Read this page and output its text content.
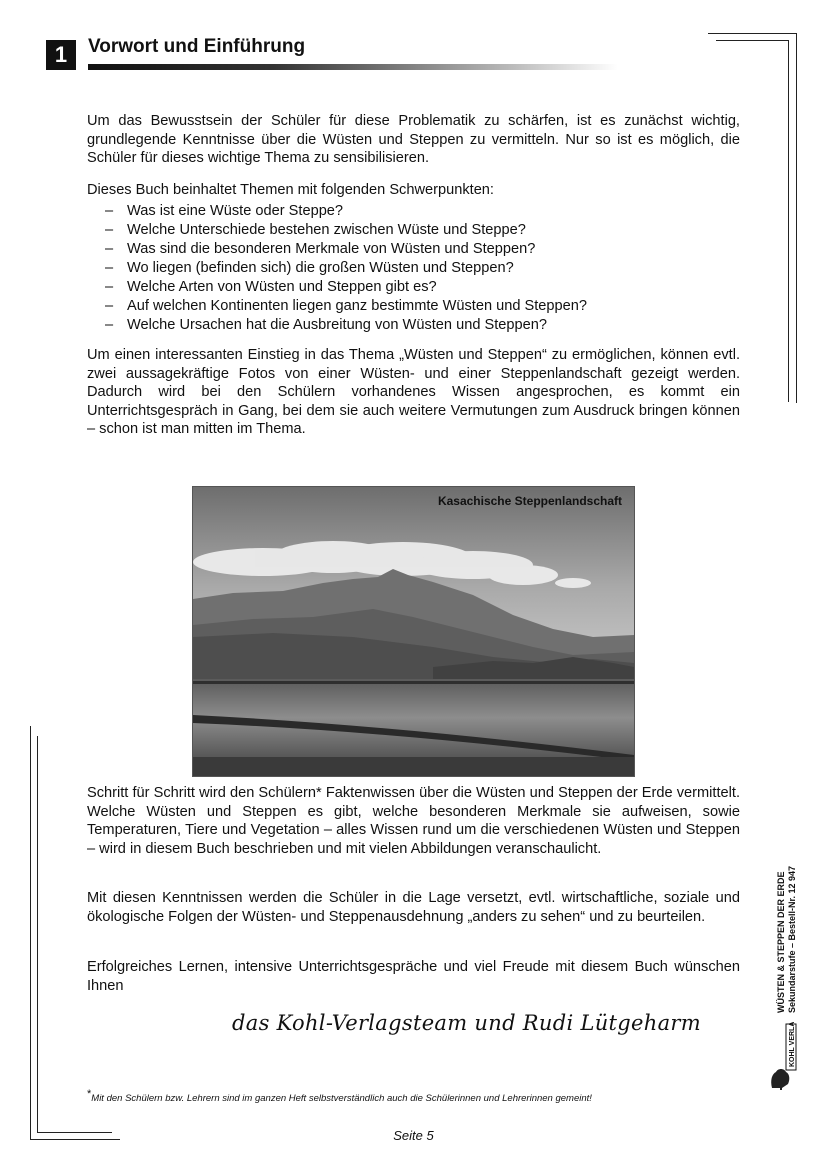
1	Vorwort und Einführung

Um das Bewusstsein der Schüler für diese Problematik zu schärfen, ist es zunächst wichtig, grundlegende Kenntnisse über die Wüsten und Steppen zu vermitteln. Nur so ist es möglich, die Schüler für dieses wichtige Thema zu sensibilisieren.

Dieses Buch beinhaltet Themen mit folgenden Schwerpunkten:

– Was ist eine Wüste oder Steppe?
– Welche Unterschiede bestehen zwischen Wüste und Steppe?
– Was sind die besonderen Merkmale von Wüsten und Steppen?
– Wo liegen (befinden sich) die großen Wüsten und Steppen?
– Welche Arten von Wüsten und Steppen gibt es?
– Auf welchen Kontinenten liegen ganz bestimmte Wüsten und Steppen?
– Welche Ursachen hat die Ausbreitung von Wüsten und Steppen?

Um einen interessanten Einstieg in das Thema „Wüsten und Steppen“ zu ermöglichen, können evtl. zwei aussagekräftige Fotos von einer Wüsten- und einer Steppenlandschaft gezeigt werden. Dadurch wird bei den Schülern vorhandenes Wissen angesprochen, es kommt ein Unterrichtsgespräch in Gang, bei dem sie auch weitere Vermutungen zum Ausdruck bringen können – schon ist man mitten im Thema.

Kasachische Steppenlandschaft

Schritt für Schritt wird den Schülern* Faktenwissen über die Wüsten und Steppen der Erde vermittelt. Welche Wüsten und Steppen es gibt, welche besonderen Merkmale sie aufweisen, sowie Temperaturen, Tiere und Vegetation – alles Wissen rund um die verschiedenen Wüsten und Steppen – wird in diesem Buch beschrieben und mit vielen Abbildungen veranschaulicht.

Mit diesen Kenntnissen werden die Schüler in die Lage versetzt, evtl. wirtschaftliche, soziale und ökologische Folgen der Wüsten- und Steppenausdehnung „anders zu sehen“ und zu beurteilen.

Erfolgreiches Lernen, intensive Unterrichtsgespräche und viel Freude mit diesem Buch wünschen Ihnen

das Kohl-Verlagsteam und Rudi Lütgeharm
*Mit den Schülern bzw. Lehrern sind im ganzen Heft selbstverständlich auch die Schülerinnen und Lehrerinnen gemeint!
Seite 5
WÜSTEN & STEPPEN DER ERDE Sekundarstufe – Bestell-Nr. 12 947
KOHL VERLAG
